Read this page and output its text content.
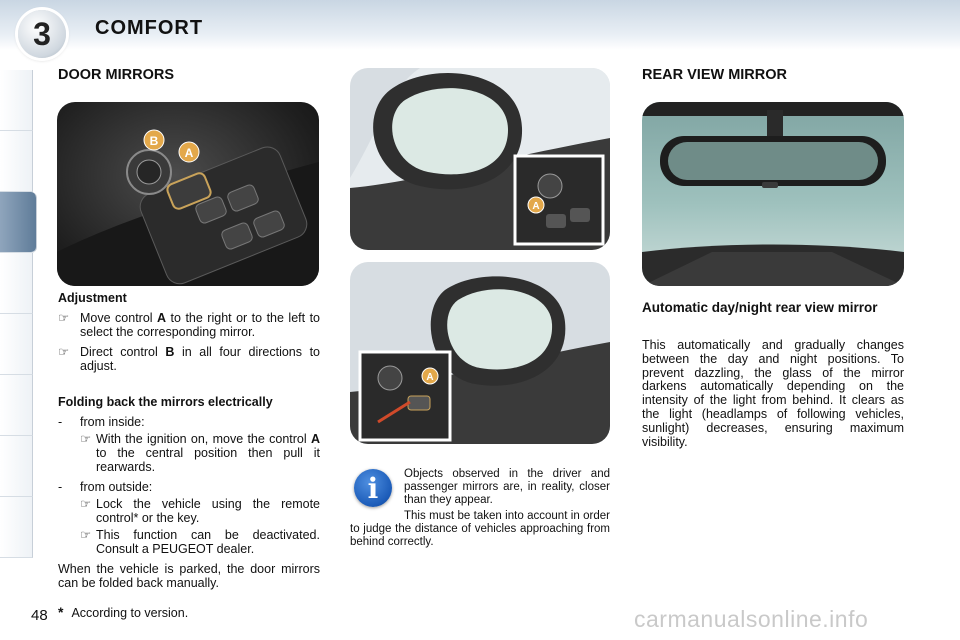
3	COMFORT
DOOR MIRRORS
B
A
Adjustment
☞ Move control A to the right or to the left to select the corresponding mirror.
☞ Direct control B in all four directions to adjust.
Folding back the mirrors electrically
- from inside:
☞ With the ignition on, move the control A to the central position then pull it rearwards.
- from outside:
☞ Lock the vehicle using the remote control* or the key.
☞ This function can be deactivated. Consult a PEUGEOT dealer.
When the vehicle is parked, the door mirrors can be folded back manually.
A
A
i	Objects observed in the driver and passenger mirrors are, in reality, closer than they appear.
This must be taken into account in order to judge the distance of vehicles approaching from behind correctly.
REAR VIEW MIRROR
Automatic day/night rear view mirror
This automatically and gradually changes between the day and night positions. To prevent dazzling, the glass of the mirror darkens automatically depending on the intensity of the light from behind. It clears as the light (headlamps of following vehicles, sunlight) decreases, ensuring maximum visibility.
48 * According to version.	carmanualsonline.info
